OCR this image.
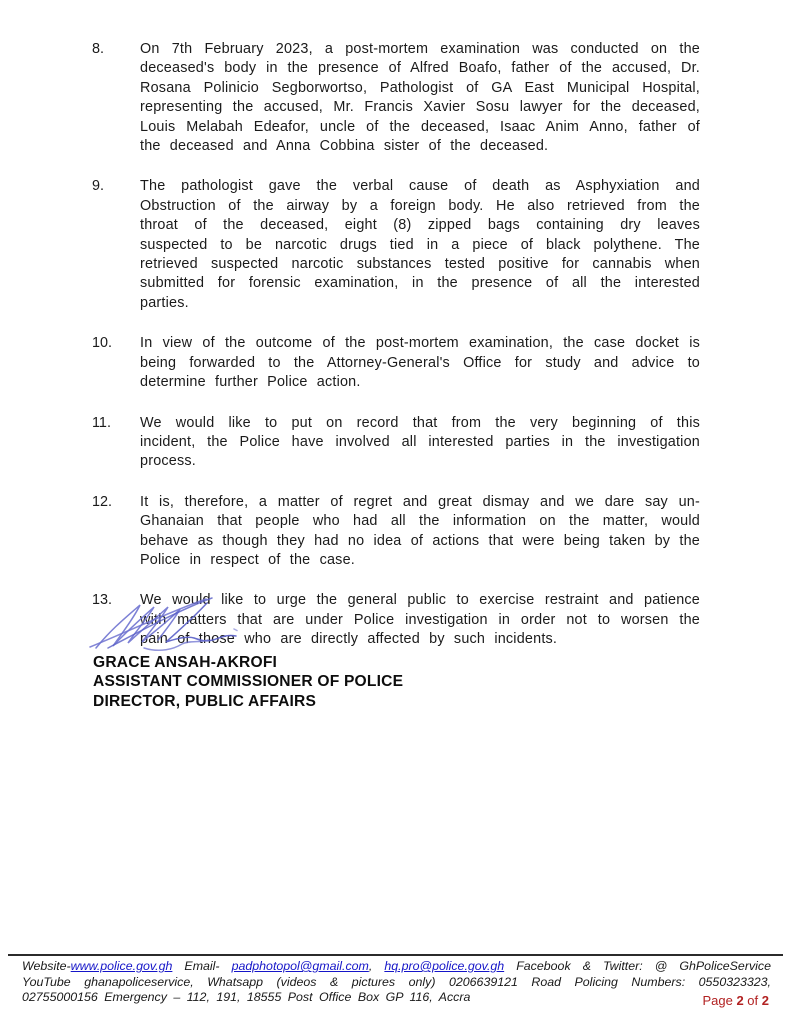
8.	On 7th February 2023, a post-mortem examination was conducted on the deceased's body in the presence of Alfred Boafo, father of the accused, Dr. Rosana Polinicio Segborwortso, Pathologist of GA East Municipal Hospital, representing the accused, Mr. Francis Xavier Sosu lawyer for the deceased, Louis Melabah Edeafor, uncle of the deceased, Isaac Anim Anno, father of the deceased and Anna Cobbina sister of the deceased.
9.	The pathologist gave the verbal cause of death as Asphyxiation and Obstruction of the airway by a foreign body. He also retrieved from the throat of the deceased, eight (8) zipped bags containing dry leaves suspected to be narcotic drugs tied in a piece of black polythene. The retrieved suspected narcotic substances tested positive for cannabis when submitted for forensic examination, in the presence of all the interested parties.
10.	In view of the outcome of the post-mortem examination, the case docket is being forwarded to the Attorney-General's Office for study and advice to determine further Police action.
11.	We would like to put on record that from the very beginning of this incident, the Police have involved all interested parties in the investigation process.
12.	It is, therefore, a matter of regret and great dismay and we dare say un-Ghanaian that people who had all the information on the matter, would behave as though they had no idea of actions that were being taken by the Police in respect of the case.
13.	We would like to urge the general public to exercise restraint and patience with matters that are under Police investigation in order not to worsen the pain of those who are directly affected by such incidents.
GRACE ANSAH-AKROFI
ASSISTANT COMMISSIONER OF POLICE
DIRECTOR, PUBLIC AFFAIRS
Website-www.police.gov.gh Email- padphotopol@gmail.com, hq.pro@police.gov.gh Facebook & Twitter: @ GhPoliceService YouTube ghanapoliceservice, Whatsapp (videos & pictures only) 0206639121 Road Policing Numbers: 0550323323, 02755000156 Emergency – 112, 191, 18555 Post Office Box GP 116, Accra	Page 2 of 2
